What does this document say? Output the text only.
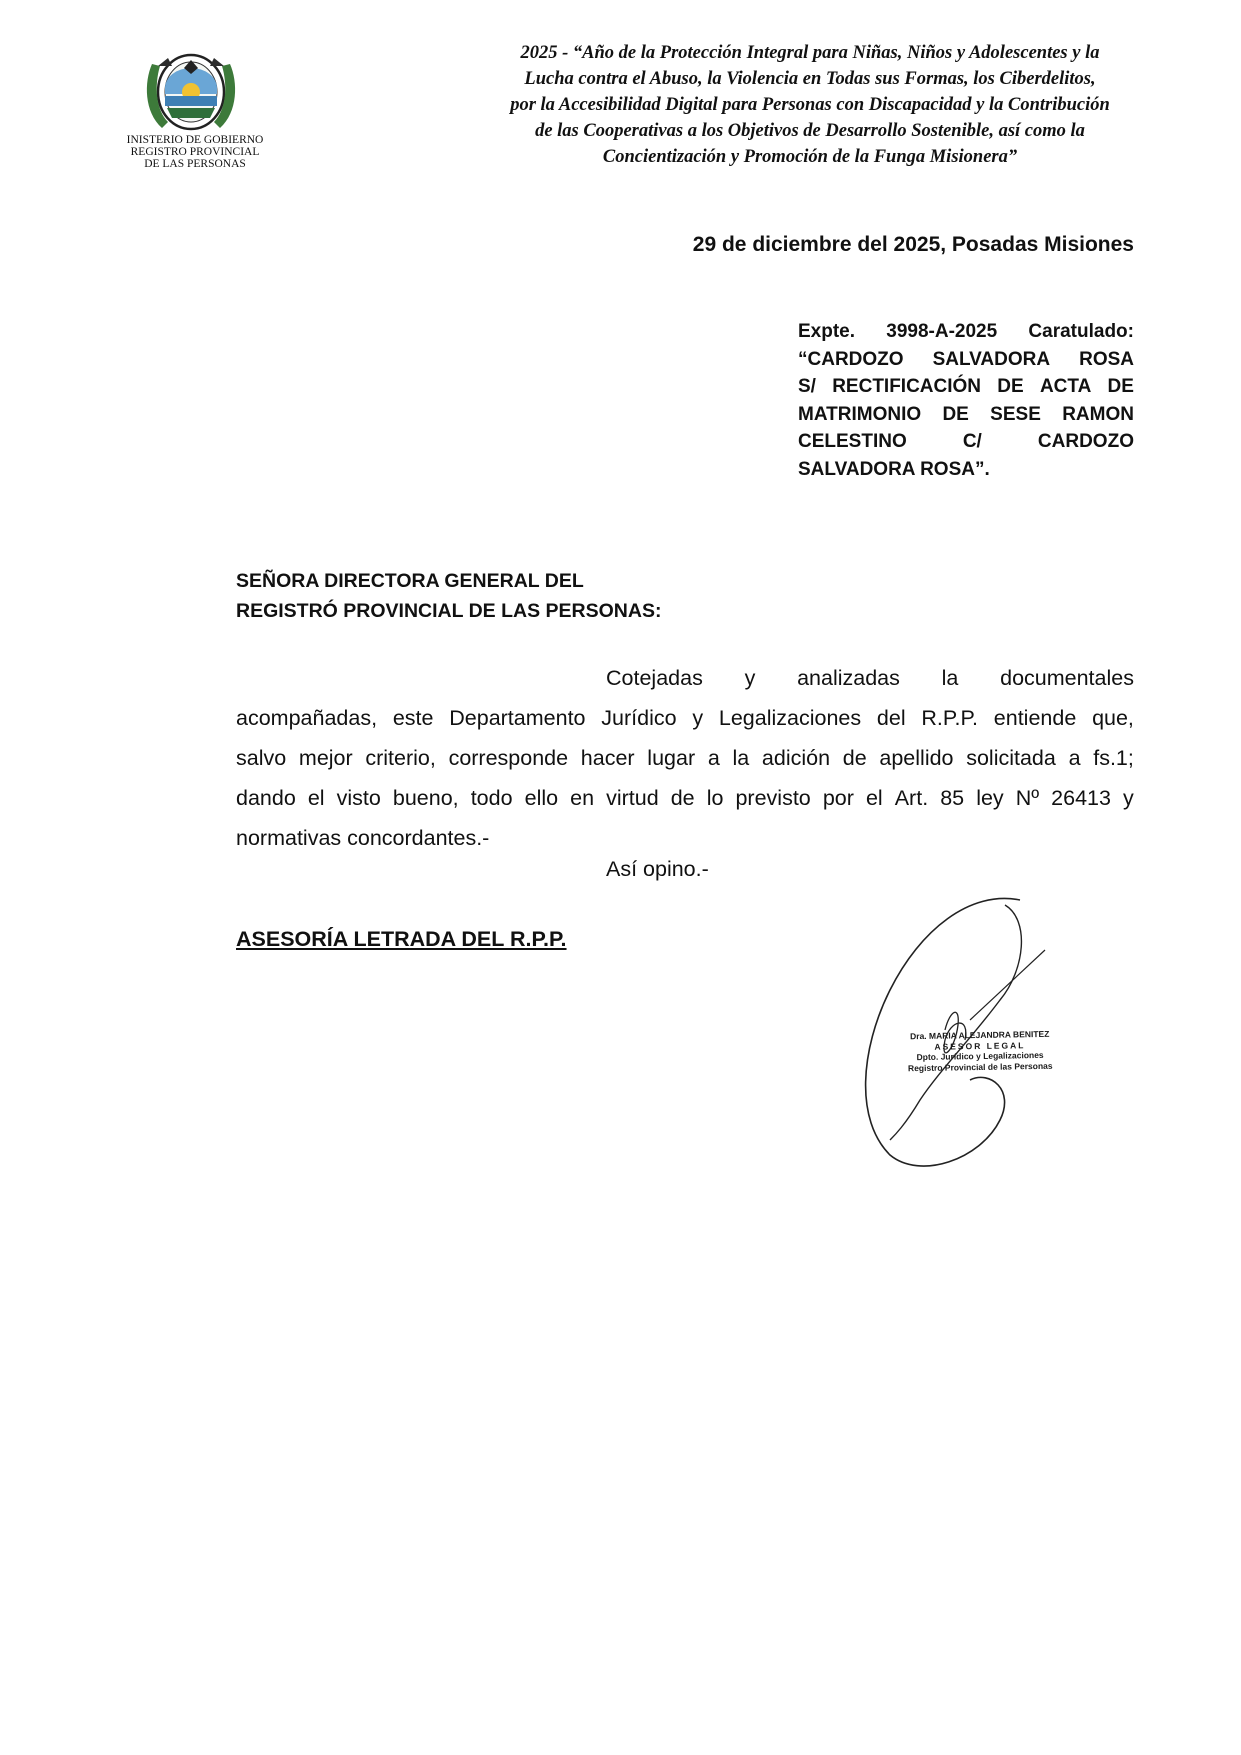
INISTERIO DE GOBIERNO
REGISTRO PROVINCIAL
DE LAS PERSONAS
2025 - “Año de la Protección Integral para Niñas, Niños y Adolescentes y la
Lucha contra el Abuso, la Violencia en Todas sus Formas, los Ciberdelitos,
por la Accesibilidad Digital para Personas con Discapacidad y la Contribución
de las Cooperativas a los Objetivos de Desarrollo Sostenible, así como la
Concientización y Promoción de la Funga Misionera”
29 de diciembre del 2025, Posadas Misiones
Expte. 3998-A-2025 Caratulado:
“CARDOZO SALVADORA ROSA
S/ RECTIFICACIÓN DE ACTA DE
MATRIMONIO DE SESE RAMON
CELESTINO	C/	CARDOZO
SALVADORA ROSA”.
SEÑORA DIRECTORA GENERAL DEL
REGISTRÓ PROVINCIAL DE LAS PERSONAS:
Cotejadas y analizadas la documentales
acompañadas, este Departamento Jurídico y Legalizaciones del R.P.P. entiende que,
salvo mejor criterio, corresponde hacer lugar a la adición de apellido solicitada a fs.1;
dando el visto bueno, todo ello en virtud de lo previsto por el Art. 85 ley Nº 26413 y
normativas concordantes.-
Así opino.-
ASESORÍA LETRADA DEL R.P.P.
Dra. MARIA ALEJANDRA BENITEZ
ASESOR LEGAL
Dpto. Jurídico y Legalizaciones
Registro Provincial de las Personas
